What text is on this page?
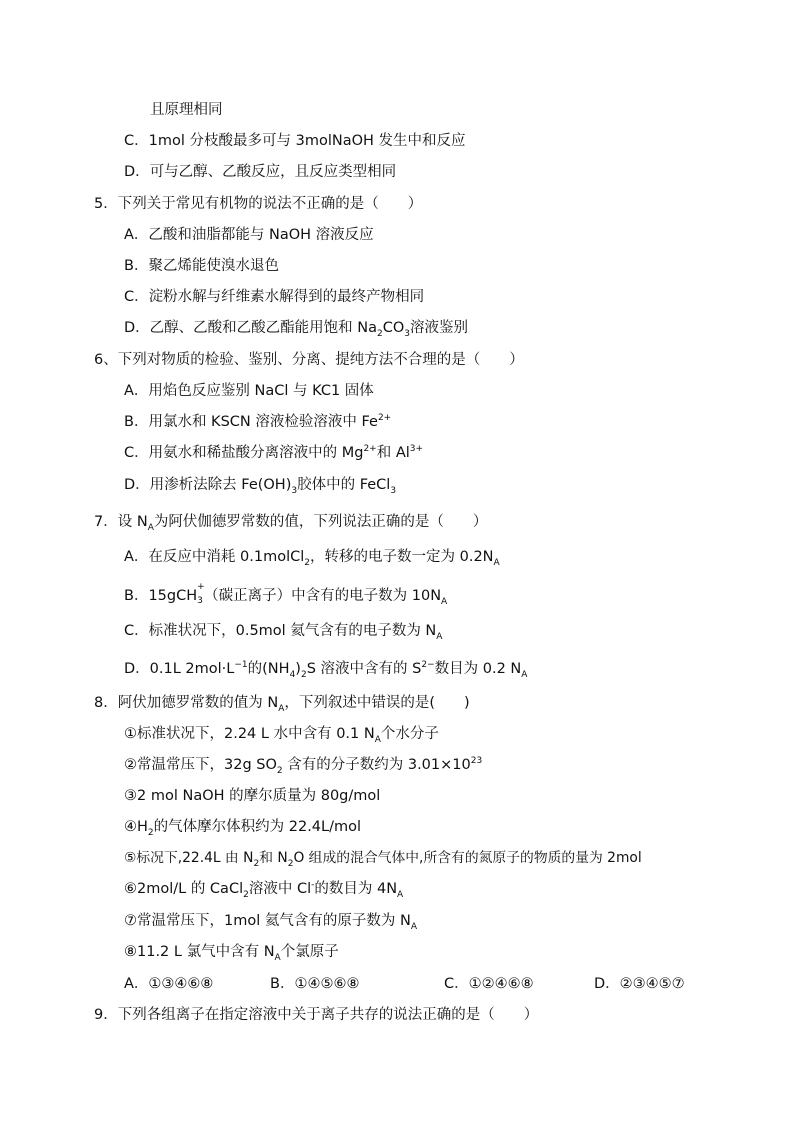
且原理相同
C．1mol 分枝酸最多可与 3molNaOH 发生中和反应
D．可与乙醇、乙酸反应，且反应类型相同
5．下列关于常见有机物的说法不正确的是（　　）
A．乙酸和油脂都能与 NaOH 溶液反应
B．聚乙烯能使溴水退色
C．淀粉水解与纤维素水解得到的最终产物相同
D．乙醇、乙酸和乙酸乙酯能用饱和 $Na_2CO_3$溶液鉴别
6、下列对物质的检验、鉴别、分离、提纯方法不合理的是（　　）
A．用焰色反应鉴别 NaCl 与 KC1 固体
B．用氯水和 KSCN 溶液检验溶液中 $Fe^{2+}$
C．用氨水和稀盐酸分离溶液中的 $Mg^{2+}$和 $Al^{3+}$
D．用渗析法除去 $Fe(OH)_3$胶体中的 FeCl$_3$
7．设 $N_A$为阿伏伽德罗常数的值，下列说法正确的是（　　）
A．在反应中消耗 0.1molCl$_2$，转移的电子数一定为 $0.2N_A$
B．15gCH
+
3 （碳正离子）中含有的电子数为 $10N_A$
C．标准状况下，0.5mol 氦气含有的电子数为 $N_A$
D．0.1L $2mol\cdot L^{-1}$的$(NH_4)_2S$ 溶液中含有的 $S^{2-}$数目为 0.2 $N_A$
8．阿伏加德罗常数的值为 $N_A$，下列叙述中错误的是(　　)
①标准状况下，2.24 L 水中含有 0.1 $N_A$个水分子
②常温常压下，32g $SO_2$ 含有的分子数约为 $3.01\times 10^{23}$
③2 mol NaOH 的摩尔质量为 80g/mol
$④H_2$的气体摩尔体积约为 22.4L/mol
⑤标况下,22.4L 由 $N_2$和 $N_2O$ 组成的混合气体中,所含有的氮原子的物质的量为 2mol
⑥2mol/L 的 CaCl$_2$溶液中 Cl-的数目为 $4N_A$
⑦常温常压下，1mol 氦气含有的原子数为 $N_A$
⑧11.2 L 氯气中含有 $N_A$个氯原子
A．①③④⑥⑧	B．①④⑤⑥⑧	C．①②④⑥⑧	D．②③④⑤⑦
9．下列各组离子在指定溶液中关于离子共存的说法正确的是（　　）
